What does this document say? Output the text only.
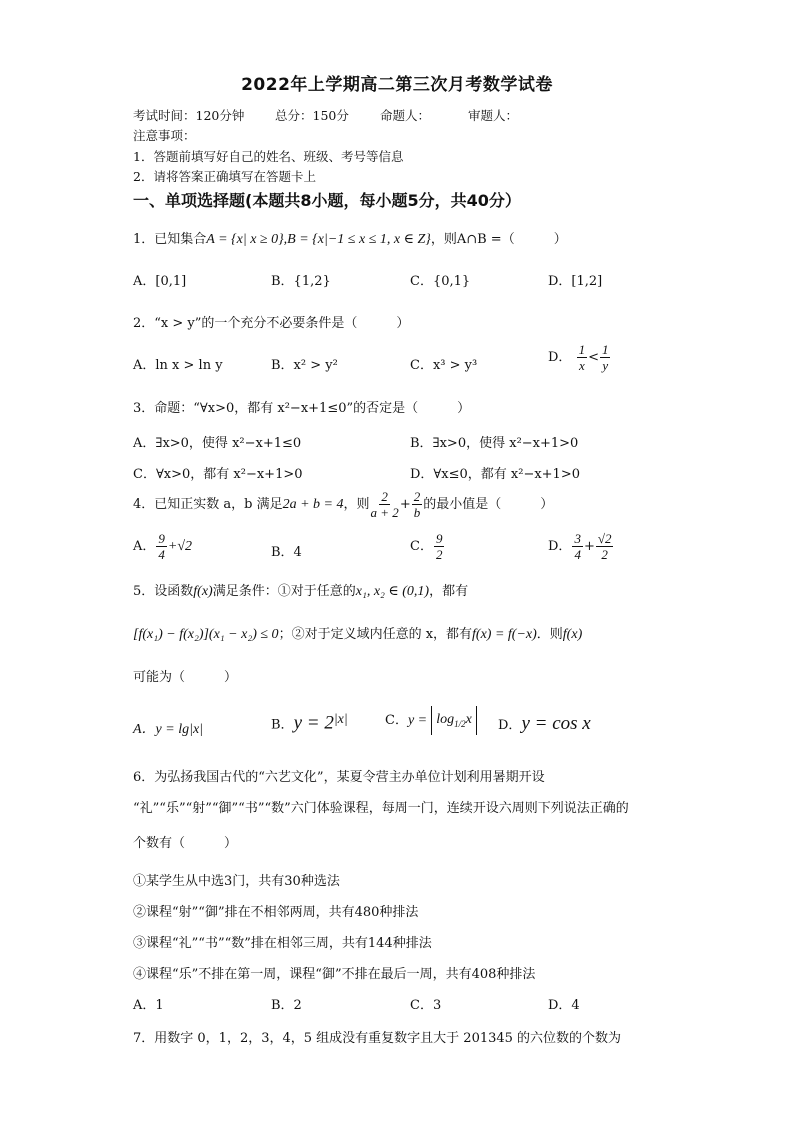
2022年上学期高二第三次月考数学试卷
考试时间：120分钟 总分：150分 命题人：	审题人：
注意事项：
1．答题前填写好自己的姓名、班级、考号等信息
2．请将答案正确填写在答题卡上
一、单项选择题(本题共8小题，每小题5分，共40分）
1．已知集合A = {x| x ≥ 0},B = {x|−1 ≤ x ≤ 1, x ∈ Z}，则A∩B =（　　　）
A．[0,1]	B．{1,2}	C．{0,1}	D．[1,2]
2．“x > y”的一个充分不必要条件是（　　　）
A．ln x > ln y	B．x² > y²	C．x³ > y³
D． $\frac{1}{x} < \frac{1}{y}$
3．命题：“∀x>0，都有 x²−x+1≤0”的否定是（　　　）
A．∃x>0，使得 x²−x+1≤0	B．∃x>0，使得 x²−x+1>0
C．∀x>0，都有 x²−x+1>0	D．∀x≤0，都有 x²−x+1>0
4．已知正实数 a，b 满足2a + b = 4，则 $\frac{2}{a + 2} + \frac{2}{b}$ 的最小值是（　　　）
A． $\frac{9}{4} +√2$	B．4	C． $\frac{9}{2}$	D． $\frac{3}{4} + \frac{√2}{2}$
5．设函数f(x)满足条件：①对于任意的x₁, x₂ ∈ (0,1)，都有
[f(x₁) − f(x₂)](x₁ − x₂) ≤ 0；②对于定义域内任意的 x，都有f(x) = f(−x)．则f(x)
可能为（　　　）
A．y = lg|x|	B．$y = 2^{|x|}$	C．$y = \log_{1/2}x$	D．y = cos x
6．为弘扬我国古代的“六艺文化”，某夏令营主办单位计划利用暑期开设
“礼”“乐”“射”“御”“书”“数”六门体验课程，每周一门，连续开设六周则下列说法正确的
个数有（　　　）
①某学生从中选3门，共有30种选法
②课程“射”“御”排在不相邻两周，共有480种排法
③课程“礼”“书”“数”排在相邻三周，共有144种排法
④课程“乐”不排在第一周，课程“御”不排在最后一周，共有408种排法
A．1	B．2	C．3	D．4
7．用数字 0，1，2，3，4，5 组成没有重复数字且大于 201345 的六位数的个数为
